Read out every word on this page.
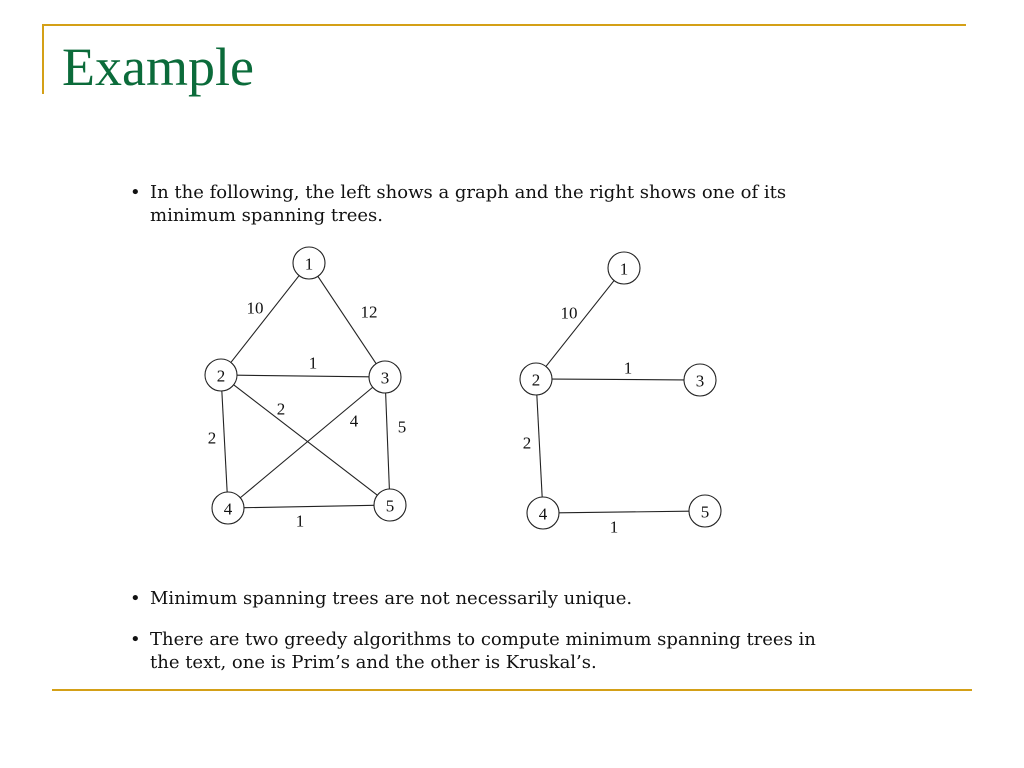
Example
• In the following, the left shows a graph and the right shows one of its minimum spanning trees.
10	12
1
2
2
4 5
1
1
2	3
4	5
10
1
2
1
1
2	3
4	5
• Minimum spanning trees are not necessarily unique.
• There are two greedy algorithms to compute minimum spanning trees in the text, one is Prim’s and the other is Kruskal’s.
